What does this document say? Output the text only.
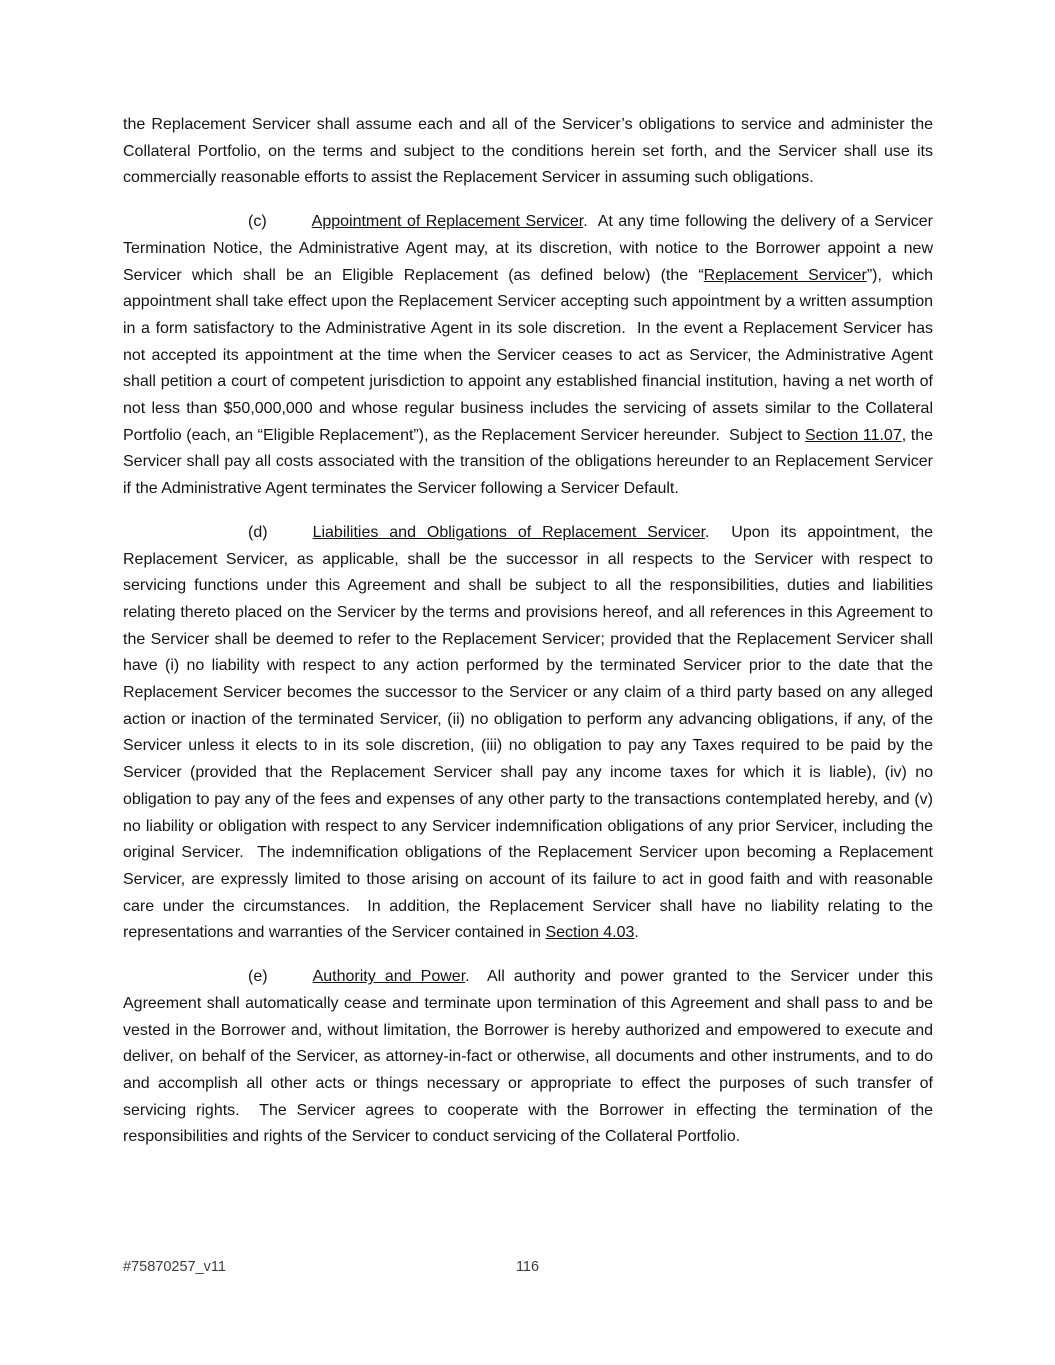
the Replacement Servicer shall assume each and all of the Servicer’s obligations to service and administer the Collateral Portfolio, on the terms and subject to the conditions herein set forth, and the Servicer shall use its commercially reasonable efforts to assist the Replacement Servicer in assuming such obligations.
(c)	Appointment of Replacement Servicer.  At any time following the delivery of a Servicer Termination Notice, the Administrative Agent may, at its discretion, with notice to the Borrower appoint a new Servicer which shall be an Eligible Replacement (as defined below) (the “Replacement Servicer”), which appointment shall take effect upon the Replacement Servicer accepting such appointment by a written assumption in a form satisfactory to the Administrative Agent in its sole discretion.  In the event a Replacement Servicer has not accepted its appointment at the time when the Servicer ceases to act as Servicer, the Administrative Agent shall petition a court of competent jurisdiction to appoint any established financial institution, having a net worth of not less than $50,000,000 and whose regular business includes the servicing of assets similar to the Collateral Portfolio (each, an “Eligible Replacement”), as the Replacement Servicer hereunder.  Subject to Section 11.07, the Servicer shall pay all costs associated with the transition of the obligations hereunder to an Replacement Servicer if the Administrative Agent terminates the Servicer following a Servicer Default.
(d)	Liabilities and Obligations of Replacement Servicer.  Upon its appointment, the Replacement Servicer, as applicable, shall be the successor in all respects to the Servicer with respect to servicing functions under this Agreement and shall be subject to all the responsibilities, duties and liabilities relating thereto placed on the Servicer by the terms and provisions hereof, and all references in this Agreement to the Servicer shall be deemed to refer to the Replacement Servicer; provided that the Replacement Servicer shall have (i) no liability with respect to any action performed by the terminated Servicer prior to the date that the Replacement Servicer becomes the successor to the Servicer or any claim of a third party based on any alleged action or inaction of the terminated Servicer, (ii) no obligation to perform any advancing obligations, if any, of the Servicer unless it elects to in its sole discretion, (iii) no obligation to pay any Taxes required to be paid by the Servicer (provided that the Replacement Servicer shall pay any income taxes for which it is liable), (iv) no obligation to pay any of the fees and expenses of any other party to the transactions contemplated hereby, and (v) no liability or obligation with respect to any Servicer indemnification obligations of any prior Servicer, including the original Servicer.  The indemnification obligations of the Replacement Servicer upon becoming a Replacement Servicer, are expressly limited to those arising on account of its failure to act in good faith and with reasonable care under the circumstances.  In addition, the Replacement Servicer shall have no liability relating to the representations and warranties of the Servicer contained in Section 4.03.
(e)	Authority and Power.  All authority and power granted to the Servicer under this Agreement shall automatically cease and terminate upon termination of this Agreement and shall pass to and be vested in the Borrower and, without limitation, the Borrower is hereby authorized and empowered to execute and deliver, on behalf of the Servicer, as attorney-in-fact or otherwise, all documents and other instruments, and to do and accomplish all other acts or things necessary or appropriate to effect the purposes of such transfer of servicing rights.  The Servicer agrees to cooperate with the Borrower in effecting the termination of the responsibilities and rights of the Servicer to conduct servicing of the Collateral Portfolio.
#75870257_v11	116
